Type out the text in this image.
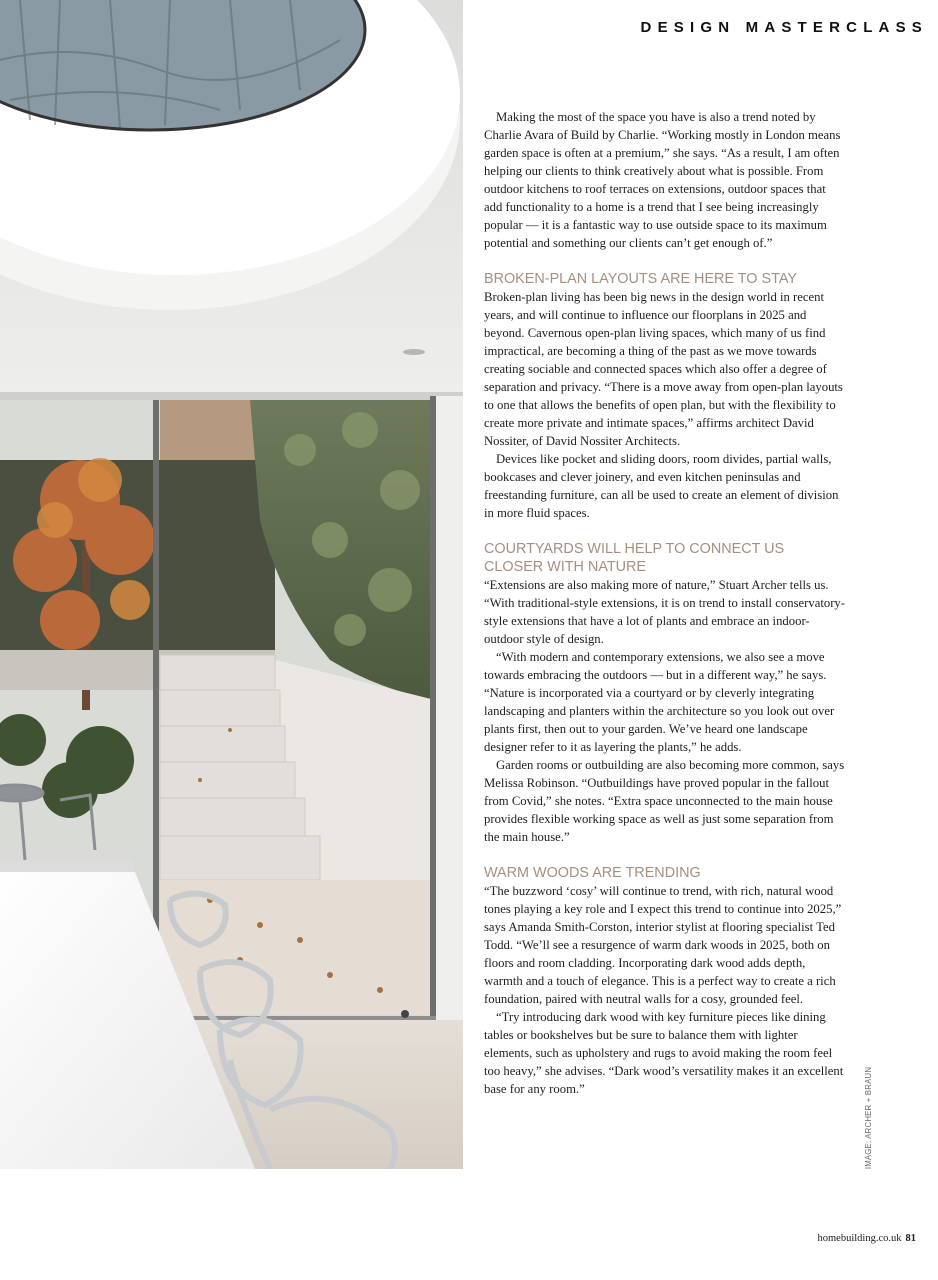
DESIGN MASTERCLASS

Making the most of the space you have is also a trend noted by Charlie Avara of Build by Charlie. “Working mostly in London means garden space is often at a premium,” she says. “As a result, I am often helping our clients to think creatively about what is possible. From outdoor kitchens to roof terraces on extensions, outdoor spaces that add functionality to a home is a trend that I see being increasingly popular — it is a fantastic way to use outside space to its maximum potential and something our clients can’t get enough of.”

BROKEN-PLAN LAYOUTS ARE HERE TO STAY

Broken-plan living has been big news in the design world in recent years, and will continue to influence our floorplans in 2025 and beyond. Cavernous open-plan living spaces, which many of us find impractical, are becoming a thing of the past as we move towards creating sociable and connected spaces which also offer a degree of separation and privacy. “There is a move away from open-plan layouts to one that allows the benefits of open plan, but with the flexibility to create more private and intimate spaces,” affirms architect David Nossiter, of David Nossiter Architects.

Devices like pocket and sliding doors, room divides, partial walls, bookcases and clever joinery, and even kitchen peninsulas and freestanding furniture, can all be used to create an element of division in more fluid spaces.

COURTYARDS WILL HELP TO CONNECT US CLOSER WITH NATURE

“Extensions are also making more of nature,” Stuart Archer tells us. “With traditional-style extensions, it is on trend to install conservatory-style extensions that have a lot of plants and embrace an indoor-outdoor style of design.

“With modern and contemporary extensions, we also see a move towards embracing the outdoors — but in a different way,” he says. “Nature is incorporated via a courtyard or by cleverly integrating landscaping and planters within the architecture so you look out over plants first, then out to your garden. We’ve heard one landscape designer refer to it as layering the plants,” he adds.

Garden rooms or outbuilding are also becoming more common, says Melissa Robinson. “Outbuildings have proved popular in the fallout from Covid,” she notes. “Extra space unconnected to the main house provides flexible working space as well as just some separation from the main house.”

WARM WOODS ARE TRENDING

“The buzzword ‘cosy’ will continue to trend, with rich, natural wood tones playing a key role and I expect this trend to continue into 2025,” says Amanda Smith-Corston, interior stylist at flooring specialist Ted Todd. “We’ll see a resurgence of warm dark woods in 2025, both on floors and room cladding. Incorporating dark wood adds depth, warmth and a touch of elegance. This is a perfect way to create a rich foundation, paired with neutral walls for a cosy, grounded feel.

“Try introducing dark wood with key furniture pieces like dining tables or bookshelves but be sure to balance them with lighter elements, such as upholstery and rugs to avoid making the room feel too heavy,” she advises. “Dark wood’s versatility makes it an excellent base for any room.”	IMAGE: ARCHER + BRAUN
homebuilding.co.uk 81
